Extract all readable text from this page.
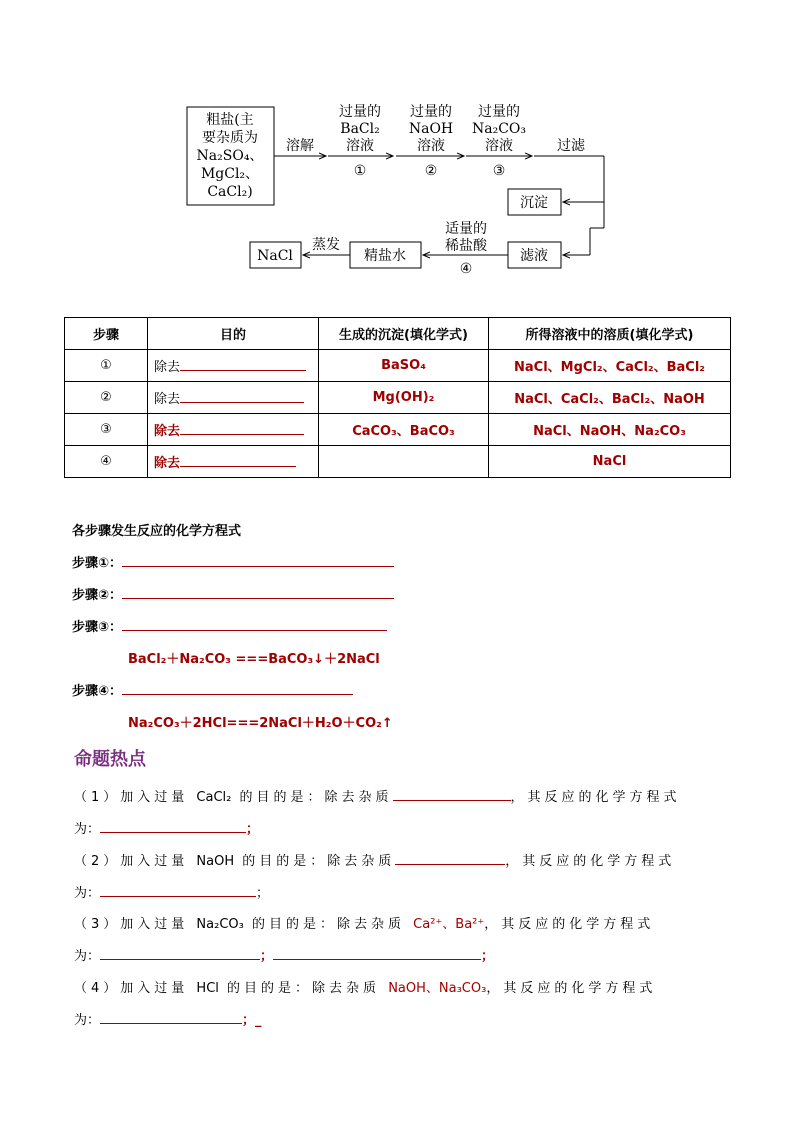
粗盐(主
要杂质为
Na₂SO₄、
MgCl₂、
CaCl₂)
溶解
过量的
BaCl₂
溶液
①
过量的
NaOH
溶液
②
过量的
Na₂CO₃
溶液
③
过滤
沉淀
滤液
适量的
稀盐酸
④
精盐水
蒸发
NaCl
步骤	目的	生成的沉淀(填化学式)	所得溶液中的溶质(填化学式)
①	除去	BaSO₄	NaCl、MgCl₂、CaCl₂、BaCl₂
②	除去	Mg(OH)₂	NaCl、CaCl₂、BaCl₂、NaOH
③	除去	CaCO₃、BaCO₃	NaCl、NaOH、Na₂CO₃
④	除去		NaCl
各步骤发生反应的化学方程式
步骤①：
步骤②：
步骤③：
BaCl₂＋Na₂CO₃ ===BaCO₃↓＋2NaCl
步骤④：
Na₂CO₃＋2HCl===2NaCl＋H₂O＋CO₂↑
命题热点
（1）加入过量 CaCl₂ 的目的是：除去杂质	，其反应的化学方程式
为：	；
（2）加入过量 NaOH 的目的是：除去杂质	，其反应的化学方程式
为：	；
（3）加入过量 Na₂CO₃ 的目的是：除去杂质 Ca²⁺、Ba²⁺，其反应的化学方程式
为：	；	；
（4）加入过量 HCl 的目的是：除去杂质 NaOH、Na₃CO₃，其反应的化学方程式
为：	；_
